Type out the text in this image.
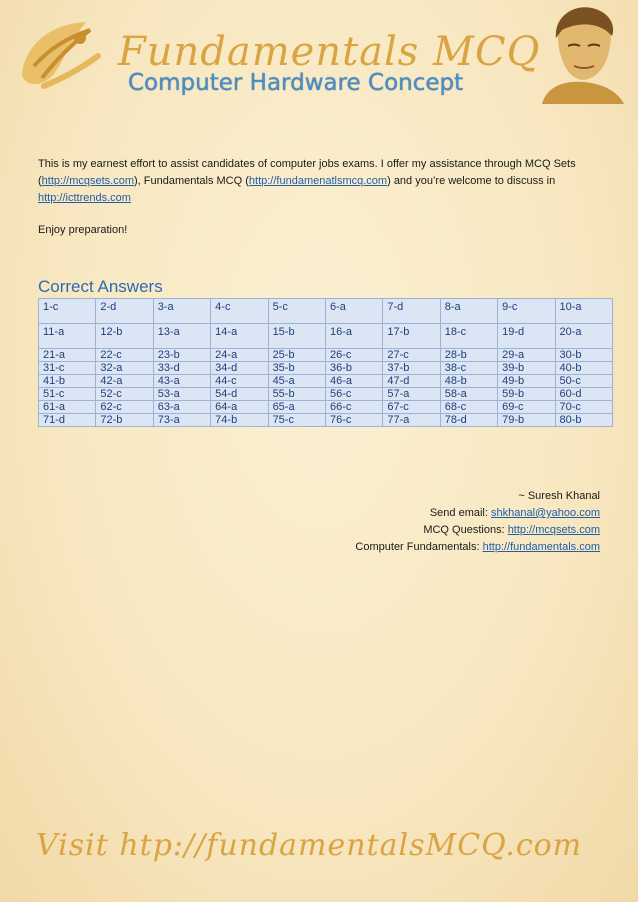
Fundamentals MCQ
Computer Hardware Concept
This is my earnest effort to assist candidates of computer jobs exams. I offer my assistance through MCQ Sets (http://mcqsets.com), Fundamentals MCQ (http://fundamenatlsmcq.com) and you’re welcome to discuss in http://icttrends.com
Enjoy preparation!
Correct Answers
1-c	2-d	3-a	4-c	5-c	6-a	7-d	8-a	9-c	10-a
11-a	12-b	13-a	14-a	15-b	16-a	17-b	18-c	19-d	20-a
21-a	22-c	23-b	24-a	25-b	26-c	27-c	28-b	29-a	30-b
31-c	32-a	33-d	34-d	35-b	36-b	37-b	38-c	39-b	40-b
41-b	42-a	43-a	44-c	45-a	46-a	47-d	48-b	49-b	50-c
51-c	52-c	53-a	54-d	55-b	56-c	57-a	58-a	59-b	60-d
61-a	62-c	63-a	64-a	65-a	66-c	67-c	68-c	69-c	70-c
71-d	72-b	73-a	74-b	75-c	76-c	77-a	78-d	79-b	80-b
~ Suresh Khanal
Send email: shkhanal@yahoo.com
MCQ Questions: http://mcqsets.com
Computer Fundamentals: http://fundamentals.com
Visit htp://fundamentalsMCQ.com
